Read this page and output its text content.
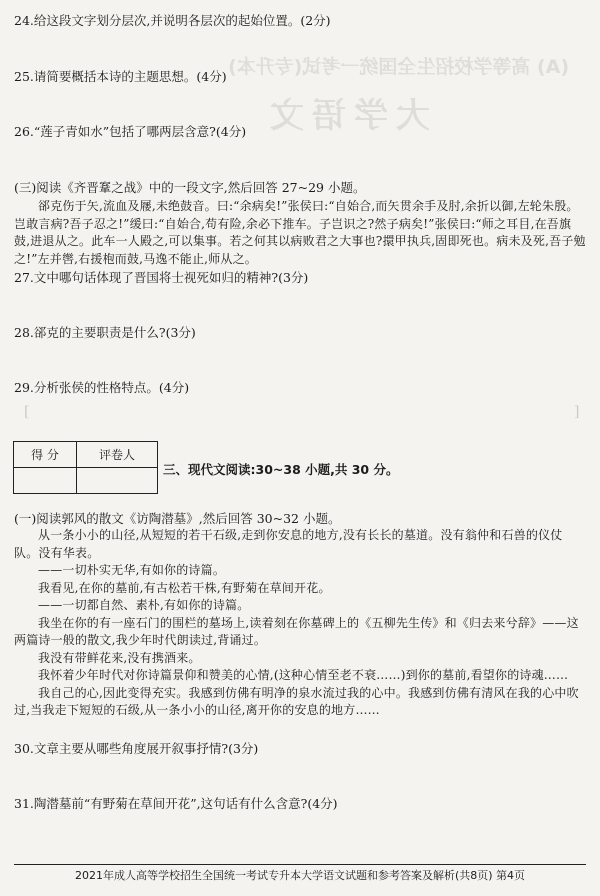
(A) 高等学校招生全国统一考试(专升本)
大学语文
24.给这段文字划分层次,并说明各层次的起始位置。(2分)
25.请简要概括本诗的主题思想。(4分)
26.“莲子青如水”包括了哪两层含意?(4分)
(三)阅读《齐晋鞌之战》中的一段文字,然后回答 27~29 小题。

郤克伤于矢,流血及屦,未绝鼓音。曰:“余病矣!”张侯曰:“自始合,而矢贯余手及肘,余折以御,左轮朱殷。岂敢言病?吾子忍之!”缓曰:“自始合,苟有险,余必下推车。子岂识之?然子病矣!”张侯曰:“师之耳目,在吾旗鼓,进退从之。此车一人殿之,可以集事。若之何其以病败君之大事也?擐甲执兵,固即死也。病未及死,吾子勉之!”左并辔,右援枹而鼓,马逸不能止,师从之。

27.文中哪句话体现了晋国将士视死如归的精神?(3分)
28.郤克的主要职责是什么?(3分)
29.分析张侯的性格特点。(4分)
[	]
得 分	评卷人

三、现代文阅读:30~38 小题,共 30 分。
(一)阅读郭风的散文《访陶潜墓》,然后回答 30~32 小题。

从一条小小的山径,从短短的若干石级,走到你安息的地方,没有长长的墓道。没有翁仲和石兽的仪仗队。没有华表。

——一切朴实无华,有如你的诗篇。

我看见,在你的墓前,有古松若干株,有野菊在草间开花。

——一切都自然、素朴,有如你的诗篇。

我坐在你的有一座石门的围栏的墓场上,读着刻在你墓碑上的《五柳先生传》和《归去来兮辞》——这两篇诗一般的散文,我少年时代朗读过,背诵过。

我没有带鲜花来,没有携酒来。

我怀着少年时代对你诗篇景仰和赞美的心情,(这种心情至老不衰……)到你的墓前,看望你的诗魂……

我自己的心,因此变得充实。我感到仿佛有明净的泉水流过我的心中。我感到仿佛有清风在我的心中吹过,当我走下短短的石级,从一条小小的山径,离开你的安息的地方……

30.文章主要从哪些角度展开叙事抒情?(3分)
31.陶潜墓前“有野菊在草间开花”,这句话有什么含意?(4分)
2021年成人高等学校招生全国统一考试专升本大学语文试题和参考答案及解析(共8页) 第4页
